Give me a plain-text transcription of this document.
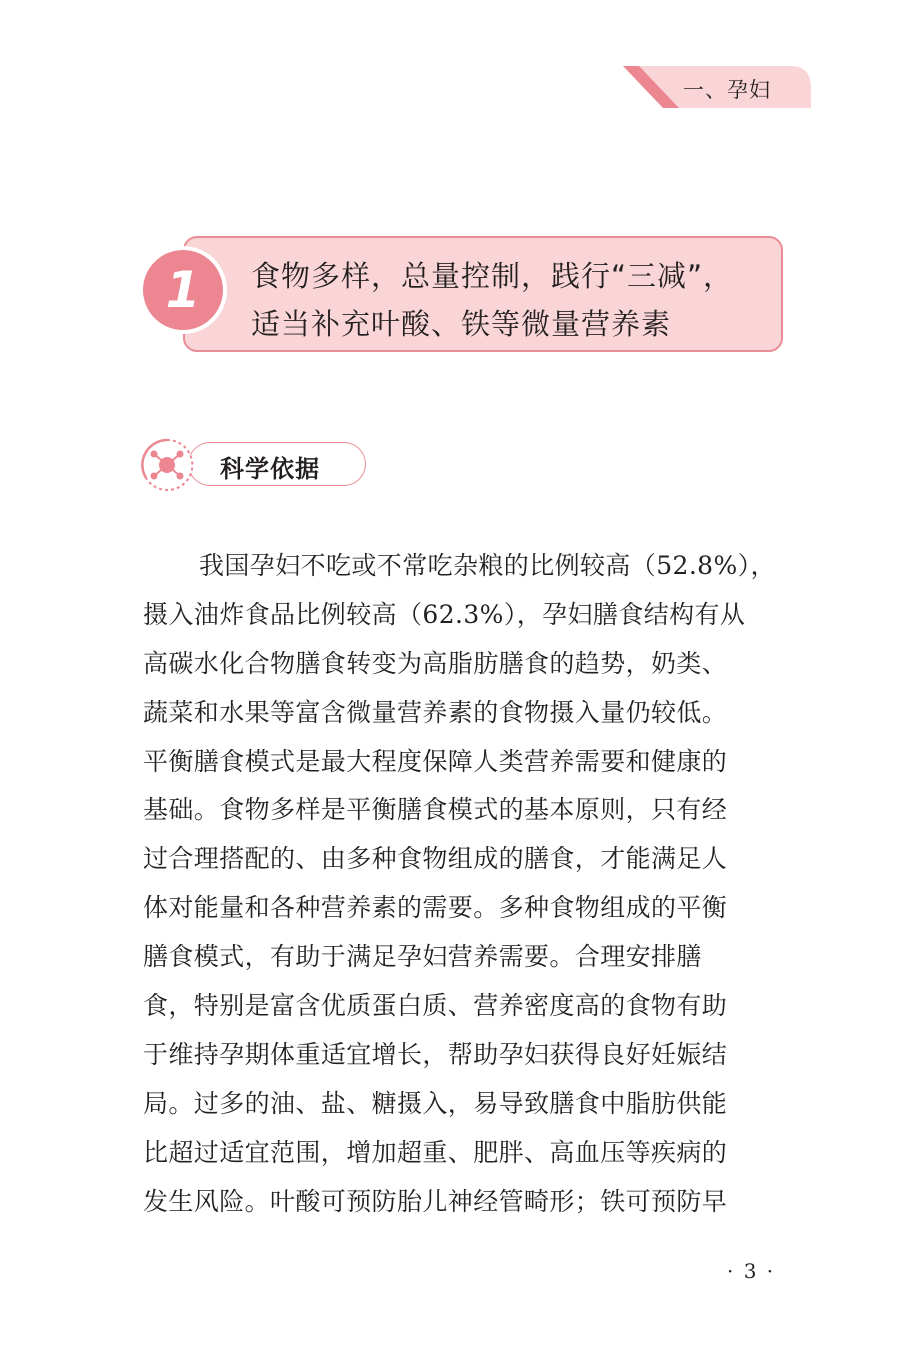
一、孕妇
1	食物多样，总量控制，践行“三减”，
适当补充叶酸、铁等微量营养素
科学依据
我国孕妇不吃或不常吃杂粮的比例较高（52.8%），
摄入油炸食品比例较高（62.3%），孕妇膳食结构有从
高碳水化合物膳食转变为高脂肪膳食的趋势，奶类、
蔬菜和水果等富含微量营养素的食物摄入量仍较低。
平衡膳食模式是最大程度保障人类营养需要和健康的
基础。食物多样是平衡膳食模式的基本原则，只有经
过合理搭配的、由多种食物组成的膳食，才能满足人
体对能量和各种营养素的需要。多种食物组成的平衡
膳食模式，有助于满足孕妇营养需要。合理安排膳
食，特别是富含优质蛋白质、营养密度高的食物有助
于维持孕期体重适宜增长，帮助孕妇获得良好妊娠结
局。过多的油、盐、糖摄入，易导致膳食中脂肪供能
比超过适宜范围，增加超重、肥胖、高血压等疾病的
发生风险。叶酸可预防胎儿神经管畸形；铁可预防早
· 3 ·
